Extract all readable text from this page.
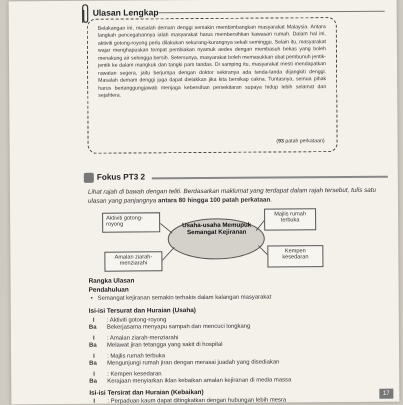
Ulasan Lengkap

Belakangan ini, masalah demam denggi semakin membimbangkan masyarakat Malaysia. Antara langkah pencegahannya ialah masyarakat harus membersihkan kawasan rumah. Dalam hal ini, aktiviti gotong-royong perlu dilakukan sekurang-kurangnya sekali seminggu. Selain itu, masyarakat wajar menghapuskan tempat pembiakan nyamuk aedes dengan membasuh bekas yang boleh menakung air sehingga bersih. Setersunya, masyarakat boleh memasukkan ubat pembunuh jentik-jentik ke dalam mangkuk dan tangki pam tandas. Di samping itu, masyarakat mesti mendapatkan rawatan segera, jaitu berjumpa dengan doktor sekiranya ada tanda-tanda dijangkiti denggi. Masalah demam denggi juga dapat dielakkan jika kita bersikap cakna. Tuntasnya, semua pihak harus bertanggungjawab menjaga kebersihan persekitaran supaya hidup lebih selamat dan sejahtera.

(93 patah perkataan)
Fokus PT3 2
Lihat rajah di bawah dengan teliti. Berdasarkan maklumat yang terdapat dalam rajah tersebut, tulis satu ulasan yang panjangnya antara 80 hingga 100 patah perkataan.
Usaha-usaha Memupuk Semangat Kejiranan
Aktiviti gotong-royong
Majlis rumah terbuka
Amalan ziarah-menziarahi
Kempen kesedaran
Rangka Ulasan
Pendahuluan
• Semangat kejiranan semakin terhakis dalam kalangan masyarakat
Isi-isi Tersurat dan Huraian (Usaha)
I : Aktiviti gotong-royong
Ba Bekerjasama menyapu sampah dan mencuci longkang
I : Amalan ziarah-menziarahi
Ba Melawat jiran tetangga yang sakit di hospital
I : Majlis rumah terbuka
Ba Mengunjungi rumah jiran dengan merasai juadah yang disediakan
I : Kempen kesedaran
Ba Kerajaan menyiarkan iklan kebaikan amalan kejiranan di media massa
Isi-isi Tersirat dan Huraian (Kebaikan)
I : Perpaduan kaum dapat ditingkatkan dengan hubungan lebih mesra
17
